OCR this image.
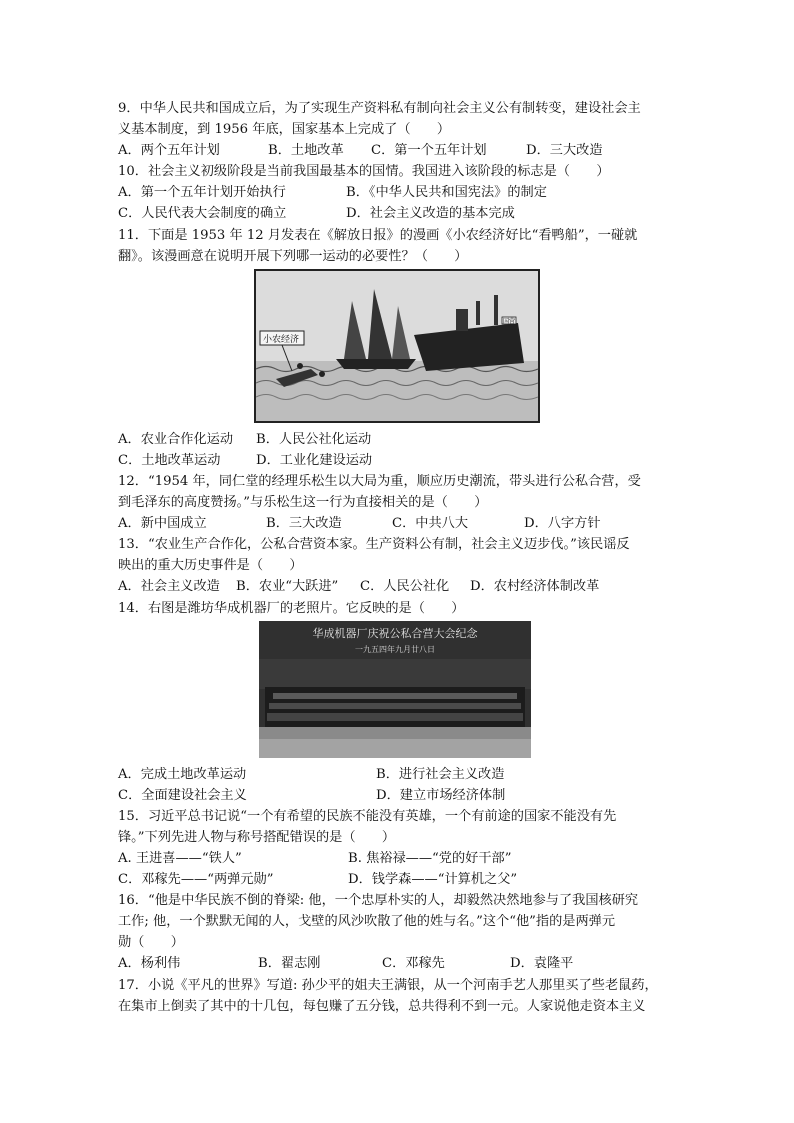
9．中华人民共和国成立后，为了实现生产资料私有制向社会主义公有制转变，建设社会主
义基本制度，到 1956 年底，国家基本上完成了（　　）
A．两个五年计划	B．土地改革	C．第一个五年计划	D．三大改造
10．社会主义初级阶段是当前我国最基本的国情。我国进入该阶段的标志是（　　）
A．第一个五年计划开始执行	B．《中华人民共和国宪法》的制定
C．人民代表大会制度的确立	D．社会主义改造的基本完成
11．下面是 1953 年 12 月发表在《解放日报》的漫画《小农经济好比“看鸭船”，一碰就
翻》。该漫画意在说明开展下列哪一运动的必要性？（　　）
国营
小农经济
A．农业合作化运动	B．人民公社化运动
C．土地改革运动	D．工业化建设运动
12．“1954 年，同仁堂的经理乐松生以大局为重，顺应历史潮流，带头进行公私合营，受
到毛泽东的高度赞扬。”与乐松生这一行为直接相关的是（　　）
A．新中国成立	B．三大改造	C．中共八大	D．八字方针
13．“农业生产合作化，公私合营资本家。生产资料公有制，社会主义迈步伐。”该民谣反
映出的重大历史事件是（　　）
A．社会主义改造	B．农业“大跃进”	C．人民公社化	D．农村经济体制改革
14．右图是潍坊华成机器厂的老照片。它反映的是（　　）
华成机器厂庆祝公私合营大会纪念
一九五四年九月廿八日
A．完成土地改革运动	B．进行社会主义改造
C．全面建设社会主义	D．建立市场经济体制
15．习近平总书记说“一个有希望的民族不能没有英雄，一个有前途的国家不能没有先
锋。”下列先进人物与称号搭配错误的是（　　）
A. 王进喜——“铁人”	B. 焦裕禄——“党的好干部”
C．邓稼先——“两弹元勋”	D．钱学森——“计算机之父”
16．“他是中华民族不倒的脊梁: 他，一个忠厚朴实的人，却毅然决然地参与了我国核研究
工作; 他，一个默默无闻的人，戈壁的风沙吹散了他的姓与名。”这个“他”指的是两弹元
勋（　　）
A．杨利伟	B．翟志刚	C．邓稼先	D．袁隆平
17．小说《平凡的世界》写道: 孙少平的姐夫王满银，从一个河南手艺人那里买了些老鼠药，
在集市上倒卖了其中的十几包，每包赚了五分钱，总共得利不到一元。人家说他走资本主义
